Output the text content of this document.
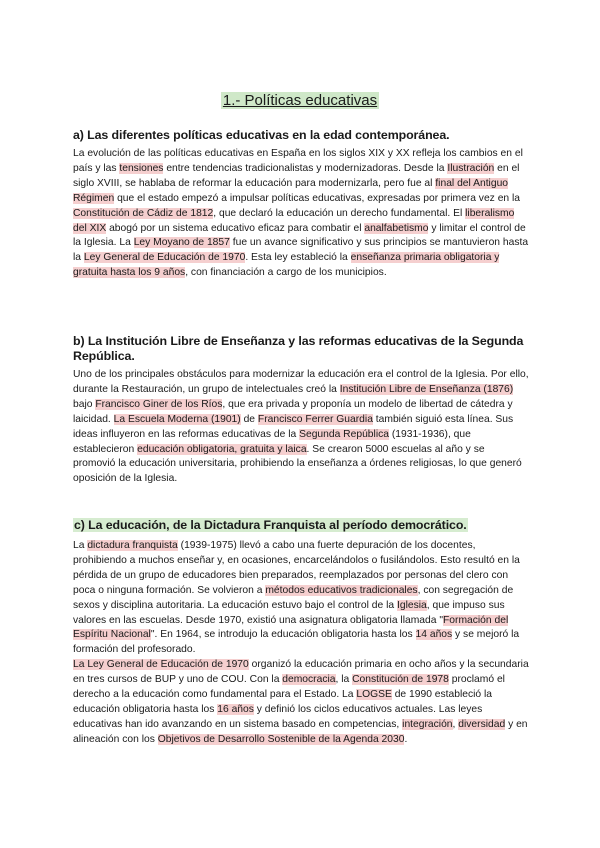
1.- Políticas educativas
a) Las diferentes políticas educativas en la edad contemporánea.

La evolución de las políticas educativas en España en los siglos XIX y XX refleja los cambios en el país y las tensiones entre tendencias tradicionalistas y modernizadoras. Desde la Ilustración en el siglo XVIII, se hablaba de reformar la educación para modernizarla, pero fue al final del Antiguo Régimen que el estado empezó a impulsar políticas educativas, expresadas por primera vez en la Constitución de Cádiz de 1812, que declaró la educación un derecho fundamental. El liberalismo del XIX abogó por un sistema educativo eficaz para combatir el analfabetismo y limitar el control de la Iglesia. La Ley Moyano de 1857 fue un avance significativo y sus principios se mantuvieron hasta la Ley General de Educación de 1970. Esta ley estableció la enseñanza primaria obligatoria y gratuita hasta los 9 años, con financiación a cargo de los municipios.

b) La Institución Libre de Enseñanza y las reformas educativas de la Segunda República.

Uno de los principales obstáculos para modernizar la educación era el control de la Iglesia. Por ello, durante la Restauración, un grupo de intelectuales creó la Institución Libre de Enseñanza (1876) bajo Francisco Giner de los Ríos, que era privada y proponía un modelo de libertad de cátedra y laicidad. La Escuela Moderna (1901) de Francisco Ferrer Guardia también siguió esta línea. Sus ideas influyeron en las reformas educativas de la Segunda República (1931-1936), que establecieron educación obligatoria, gratuita y laica. Se crearon 5000 escuelas al año y se promovió la educación universitaria, prohibiendo la enseñanza a órdenes religiosas, lo que generó oposición de la Iglesia.

c) La educación, de la Dictadura Franquista al período democrático.

La dictadura franquista (1939-1975) llevó a cabo una fuerte depuración de los docentes, prohibiendo a muchos enseñar y, en ocasiones, encarcelándolos o fusilándolos. Esto resultó en la pérdida de un grupo de educadores bien preparados, reemplazados por personas del clero con poca o ninguna formación. Se volvieron a métodos educativos tradicionales, con segregación de sexos y disciplina autoritaria. La educación estuvo bajo el control de la Iglesia, que impuso sus valores en las escuelas. Desde 1970, existió una asignatura obligatoria llamada "Formación del Espíritu Nacional". En 1964, se introdujo la educación obligatoria hasta los 14 años y se mejoró la formación del profesorado.

La Ley General de Educación de 1970 organizó la educación primaria en ocho años y la secundaria en tres cursos de BUP y uno de COU. Con la democracia, la Constitución de 1978 proclamó el derecho a la educación como fundamental para el Estado. La LOGSE de 1990 estableció la educación obligatoria hasta los 16 años y definió los ciclos educativos actuales. Las leyes educativas han ido avanzando en un sistema basado en competencias, integración, diversidad y en alineación con los Objetivos de Desarrollo Sostenible de la Agenda 2030.
